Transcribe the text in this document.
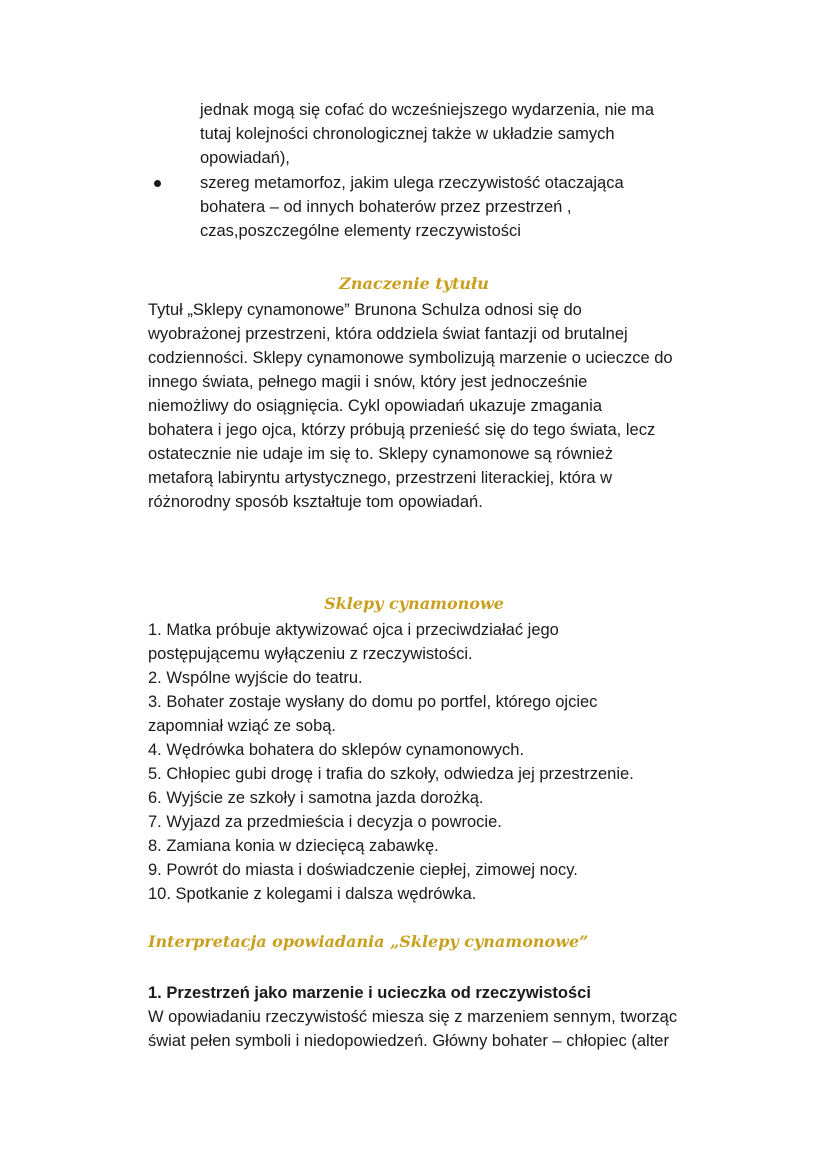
jednak mogą się cofać do wcześniejszego wydarzenia, nie ma
tutaj kolejności chronologicznej także w układzie samych
opowiadań),
szereg metamorfoz, jakim ulega rzeczywistość otaczająca
bohatera – od innych bohaterów przez przestrzeń ,
czas,poszczególne elementy rzeczywistości
Znaczenie tytułu
Tytuł „Sklepy cynamonowe” Brunona Schulza odnosi się do
wyobrażonej przestrzeni, która oddziela świat fantazji od brutalnej
codzienności. Sklepy cynamonowe symbolizują marzenie o ucieczce do
innego świata, pełnego magii i snów, który jest jednocześnie
niemożliwy do osiągnięcia. Cykl opowiadań ukazuje zmagania
bohatera i jego ojca, którzy próbują przenieść się do tego świata, lecz
ostatecznie nie udaje im się to. Sklepy cynamonowe są również
metaforą labiryntu artystycznego, przestrzeni literackiej, która w
różnorodny sposób kształtuje tom opowiadań.
Sklepy cynamonowe
1. Matka próbuje aktywizować ojca i przeciwdziałać jego
postępującemu wyłączeniu z rzeczywistości.
2. Wspólne wyjście do teatru.
3. Bohater zostaje wysłany do domu po portfel, którego ojciec
zapomniał wziąć ze sobą.
4. Wędrówka bohatera do sklepów cynamonowych.
5. Chłopiec gubi drogę i trafia do szkoły, odwiedza jej przestrzenie.
6. Wyjście ze szkoły i samotna jazda dorożką.
7. Wyjazd za przedmieścia i decyzja o powrocie.
8. Zamiana konia w dziecięcą zabawkę.
9. Powrót do miasta i doświadczenie ciepłej, zimowej nocy.
10. Spotkanie z kolegami i dalsza wędrówka.
Interpretacja opowiadania „Sklepy cynamonowe”
1. Przestrzeń jako marzenie i ucieczka od rzeczywistości
W opowiadaniu rzeczywistość miesza się z marzeniem sennym, tworząc
świat pełen symboli i niedopowiedzeń. Główny bohater – chłopiec (alter
